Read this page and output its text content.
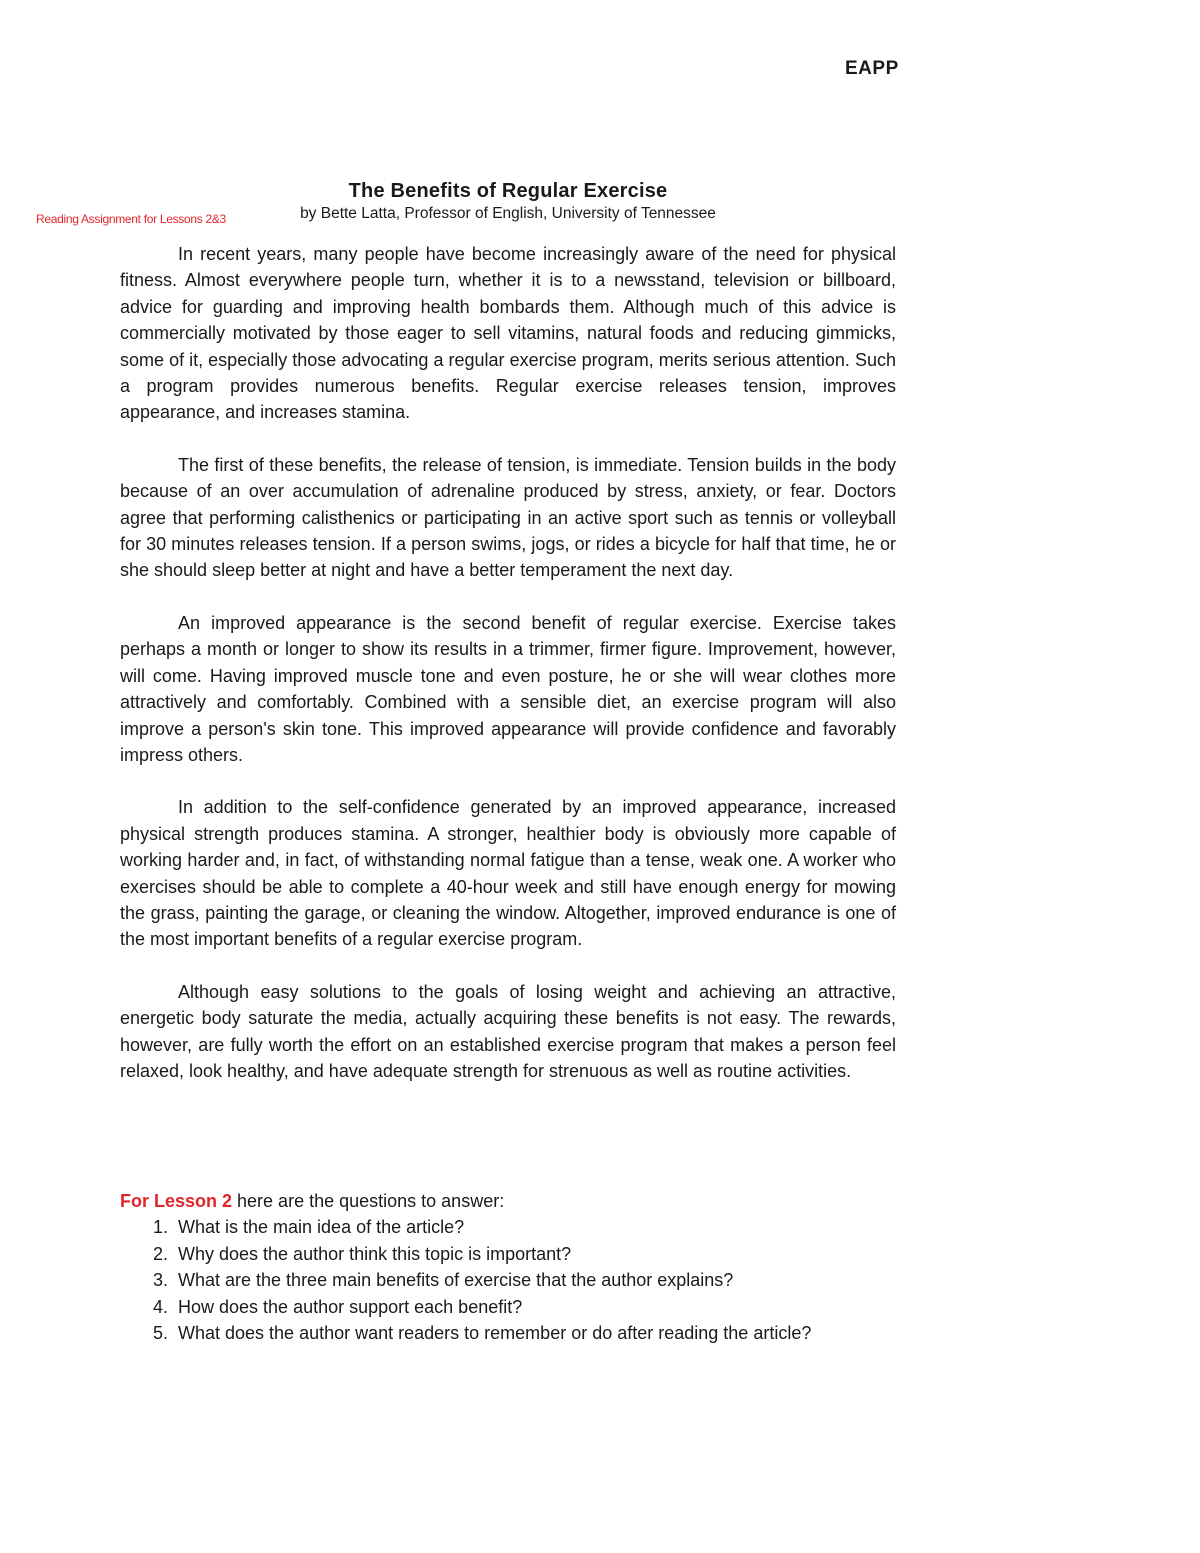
EAPP
Reading Assignment for Lessons 2&3
The Benefits of Regular Exercise
by Bette Latta, Professor of English, University of Tennessee

In recent years, many people have become increasingly aware of the need for physical fitness. Almost everywhere people turn, whether it is to a newsstand, television or billboard, advice for guarding and improving health bombards them. Although much of this advice is commercially motivated by those eager to sell vitamins, natural foods and reducing gimmicks, some of it, especially those advocating a regular exercise program, merits serious attention. Such a program provides numerous benefits. Regular exercise releases tension, improves appearance, and increases stamina.

The first of these benefits, the release of tension, is immediate. Tension builds in the body because of an over accumulation of adrenaline produced by stress, anxiety, or fear. Doctors agree that performing calisthenics or participating in an active sport such as tennis or volleyball for 30 minutes releases tension. If a person swims, jogs, or rides a bicycle for half that time, he or she should sleep better at night and have a better temperament the next day.

An improved appearance is the second benefit of regular exercise. Exercise takes perhaps a month or longer to show its results in a trimmer, firmer figure. Improvement, however, will come. Having improved muscle tone and even posture, he or she will wear clothes more attractively and comfortably. Combined with a sensible diet, an exercise program will also improve a person's skin tone. This improved appearance will provide confidence and favorably impress others.

In addition to the self-confidence generated by an improved appearance, increased physical strength produces stamina. A stronger, healthier body is obviously more capable of working harder and, in fact, of withstanding normal fatigue than a tense, weak one. A worker who exercises should be able to complete a 40-hour week and still have enough energy for mowing the grass, painting the garage, or cleaning the window. Altogether, improved endurance is one of the most important benefits of a regular exercise program.

Although easy solutions to the goals of losing weight and achieving an attractive, energetic body saturate the media, actually acquiring these benefits is not easy. The rewards, however, are fully worth the effort on an established exercise program that makes a person feel relaxed, look healthy, and have adequate strength for strenuous as well as routine activities.

For Lesson 2 here are the questions to answer:

1. What is the main idea of the article?
2. Why does the author think this topic is important?
3. What are the three main benefits of exercise that the author explains?
4. How does the author support each benefit?
5. What does the author want readers to remember or do after reading the article?
